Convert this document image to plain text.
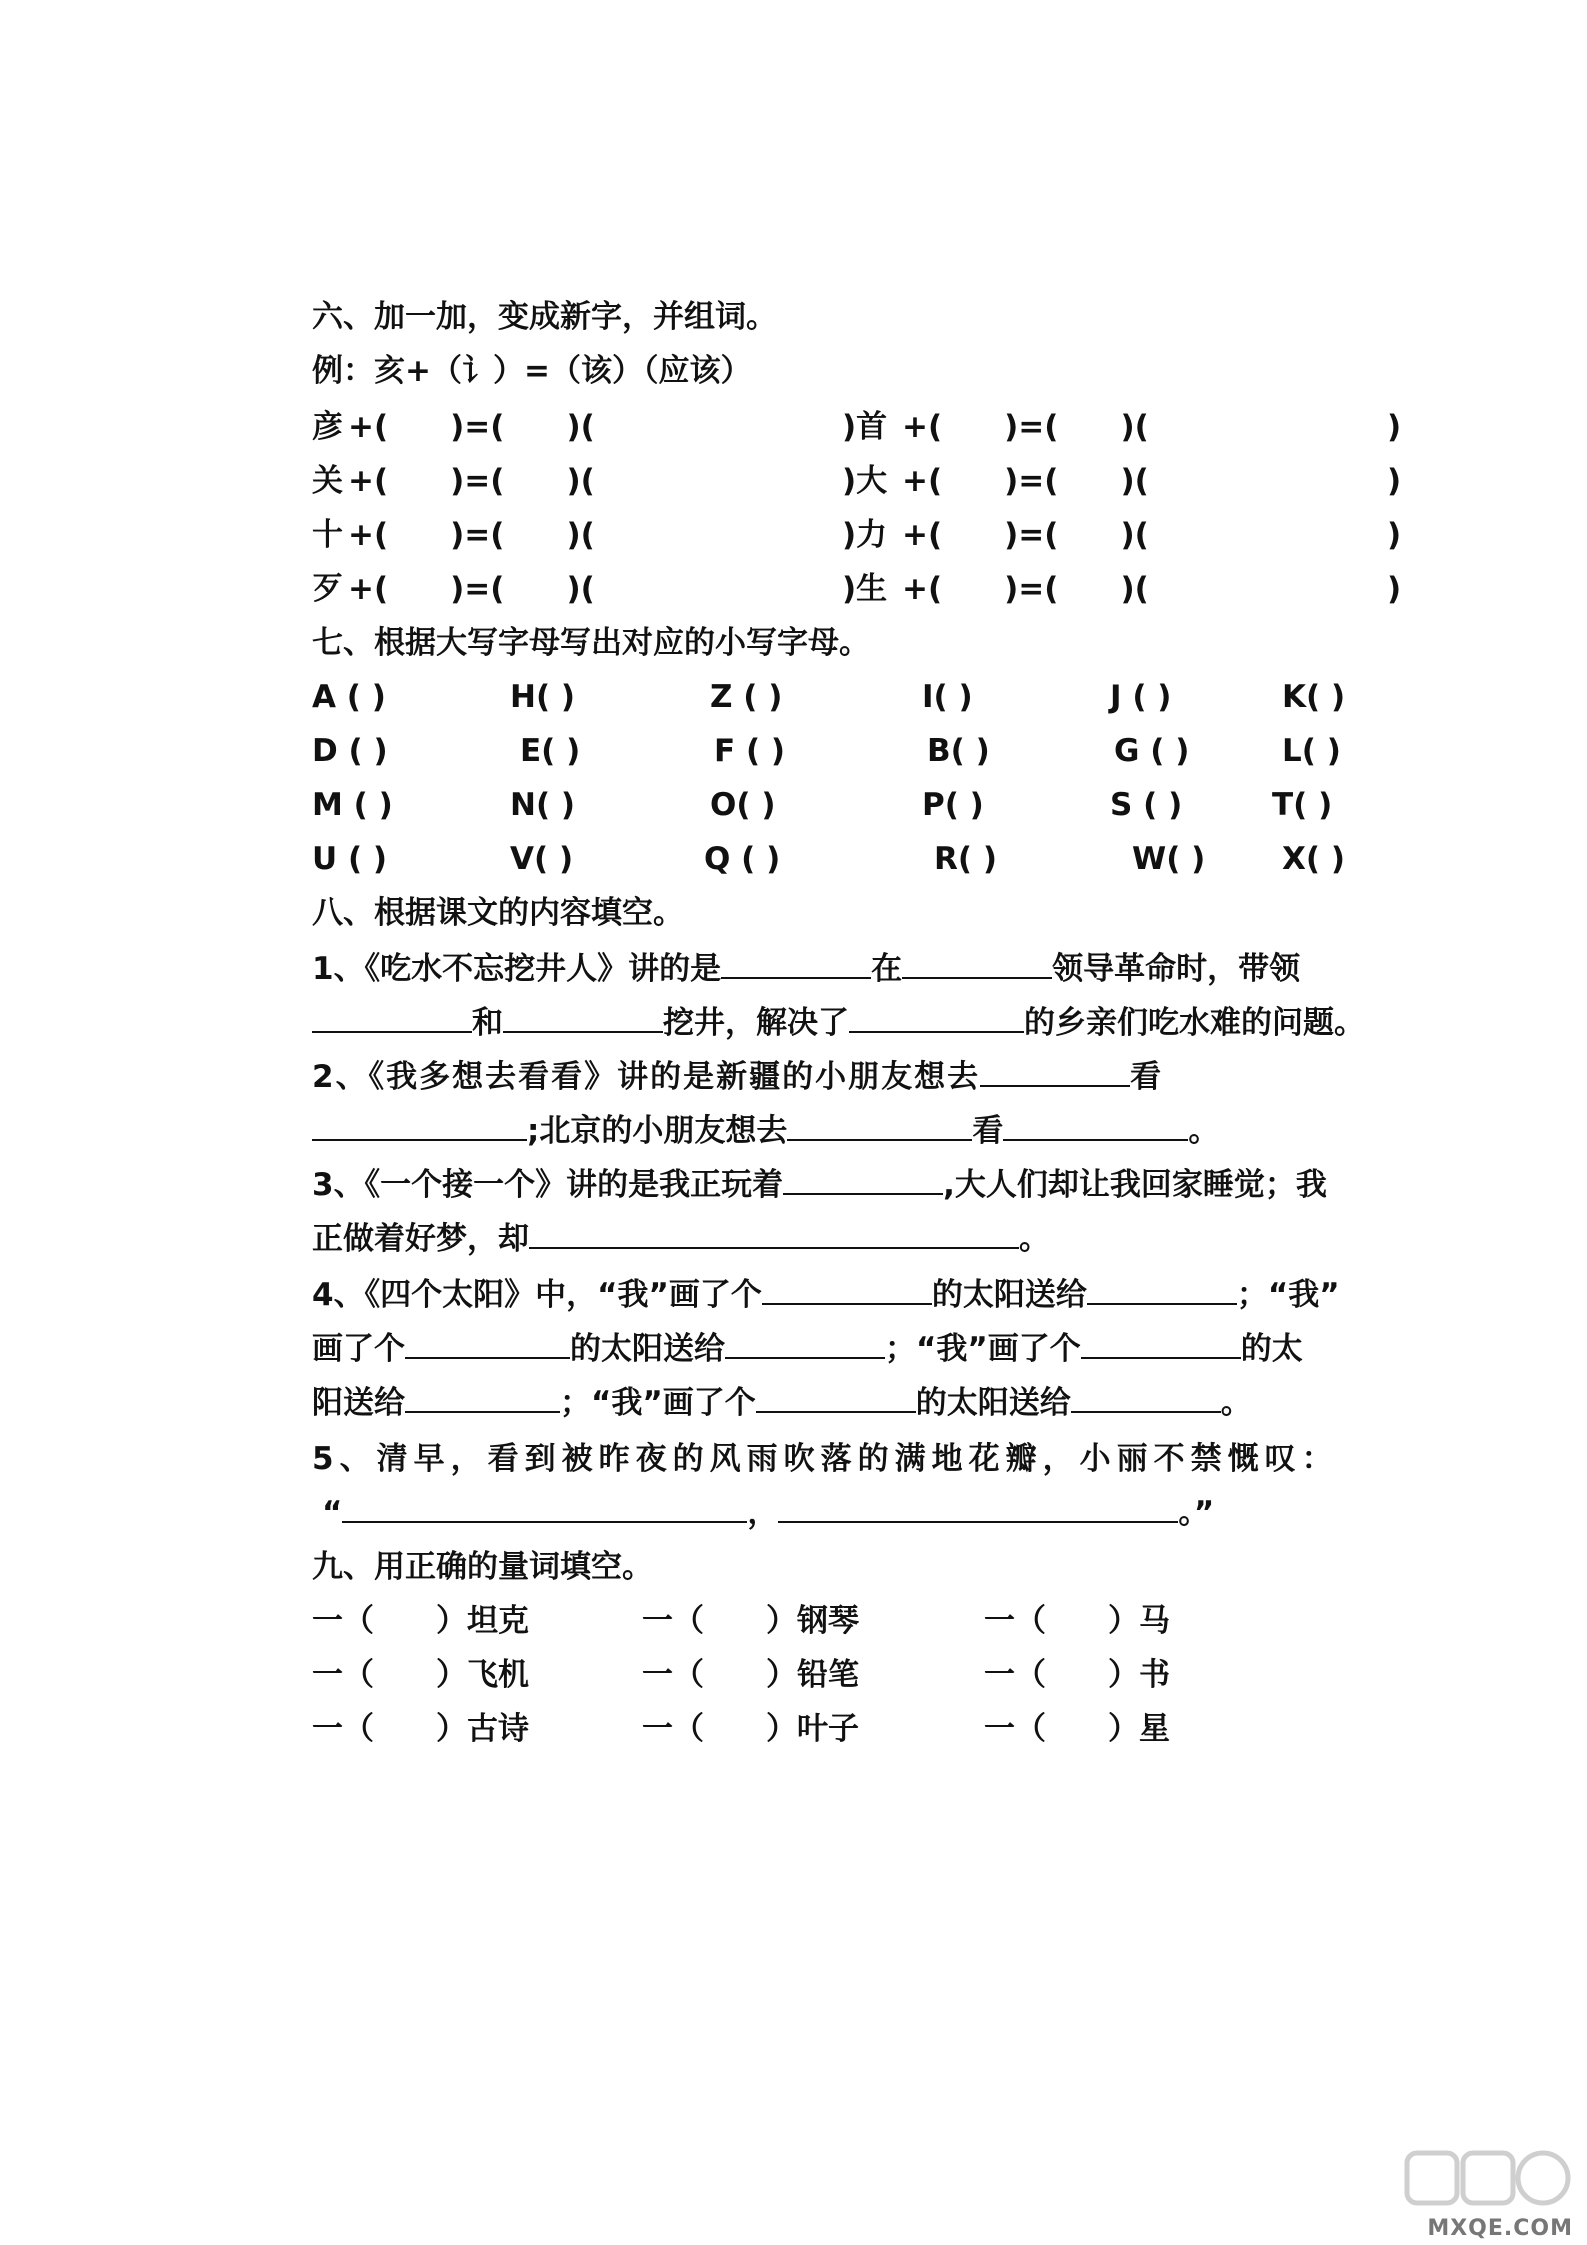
六、加一加，变成新字，并组词。
例：亥+（讠）=（该）（应该）
彦 +(　　)=(　　)(	)首 +(　　)=(　　)(	)
关 +(　　)=(　　)(	)大 +(　　)=(　　)(	)
十 +(　　)=(　　)(	)力 +(　　)=(　　)(	)
歹 +(　　)=(　　)(	)生 +(　　)=(　　)(	)
七、根据大写字母写出对应的小写字母。
A ( )	H( )	Z ( )	I( )	J ( )	K( )
D ( )	E( )	F ( )	B( )	G ( )	L( )
M ( )	N( )	O( )	P( )	S ( )	T( )
U ( )	V( )	Q ( )	R( )	W( ) X( )
八、根据课文的内容填空。
1、《吃水不忘挖井人》讲的是	在	领导革命时，带领
和	挖井，解决了	的乡亲们吃水难的问题。
2、《我多想去看看》讲的是新疆的小朋友想去	看
;北京的小朋友想去	看	。
3、《一个接一个》讲的是我正玩着	,大人们却让我回家睡觉；我
正做着好梦，却	。
4、《四个太阳》中，“我”画了个	的太阳送给	；“我”
画了个	的太阳送给	；“我”画了个	的太
阳送给	；“我”画了个	的太阳送给	。
5、清早，看到被昨夜的风雨吹落的满地花瓣，小丽不禁慨叹：
“	，	。”
九、用正确的量词填空。
一（　　）坦克	一（　　）钢琴	一（　　）马
一（　　）飞机	一（　　）铅笔	一（　　）书
一（　　）古诗	一（　　）叶子	一（　　）星
MXQE.COM
